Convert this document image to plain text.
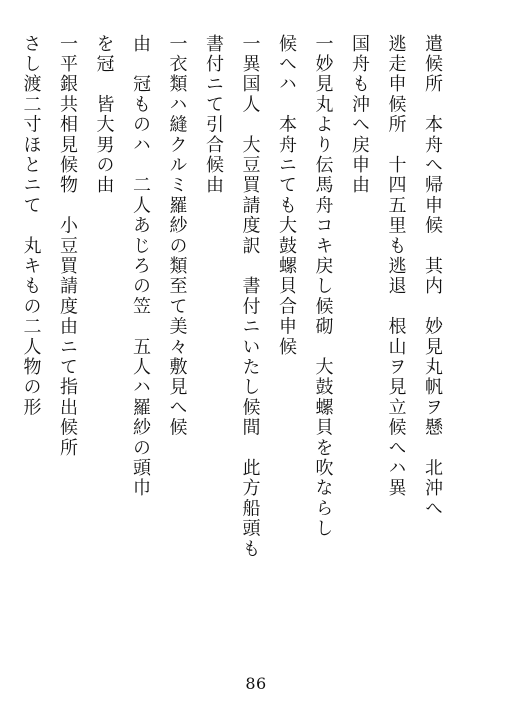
遣候所　本舟へ帰申候　其内　妙見丸帆ヲ懸　北沖へ
逃走申候所　十四五里も逃退　根山ヲ見立候へハ異
国舟も沖へ戻申由
一妙見丸より伝馬舟コキ戻し候砌　大鼓螺貝を吹ならし
候へハ　本舟ニても大鼓螺貝合申候
一異国人　大豆買請度訳　書付ニいたし候間　此方船頭も
書付ニて引合候由
一衣類ハ縫クルミ羅紗の類至て美々敷見へ候
由　冠ものハ　二人あじろの笠　五人ハ羅紗の頭巾
を冠　皆大男の由
一平銀共相見候物　小豆買請度由ニて指出候所
さし渡二寸ほとニて　丸キもの二人物の形
86
